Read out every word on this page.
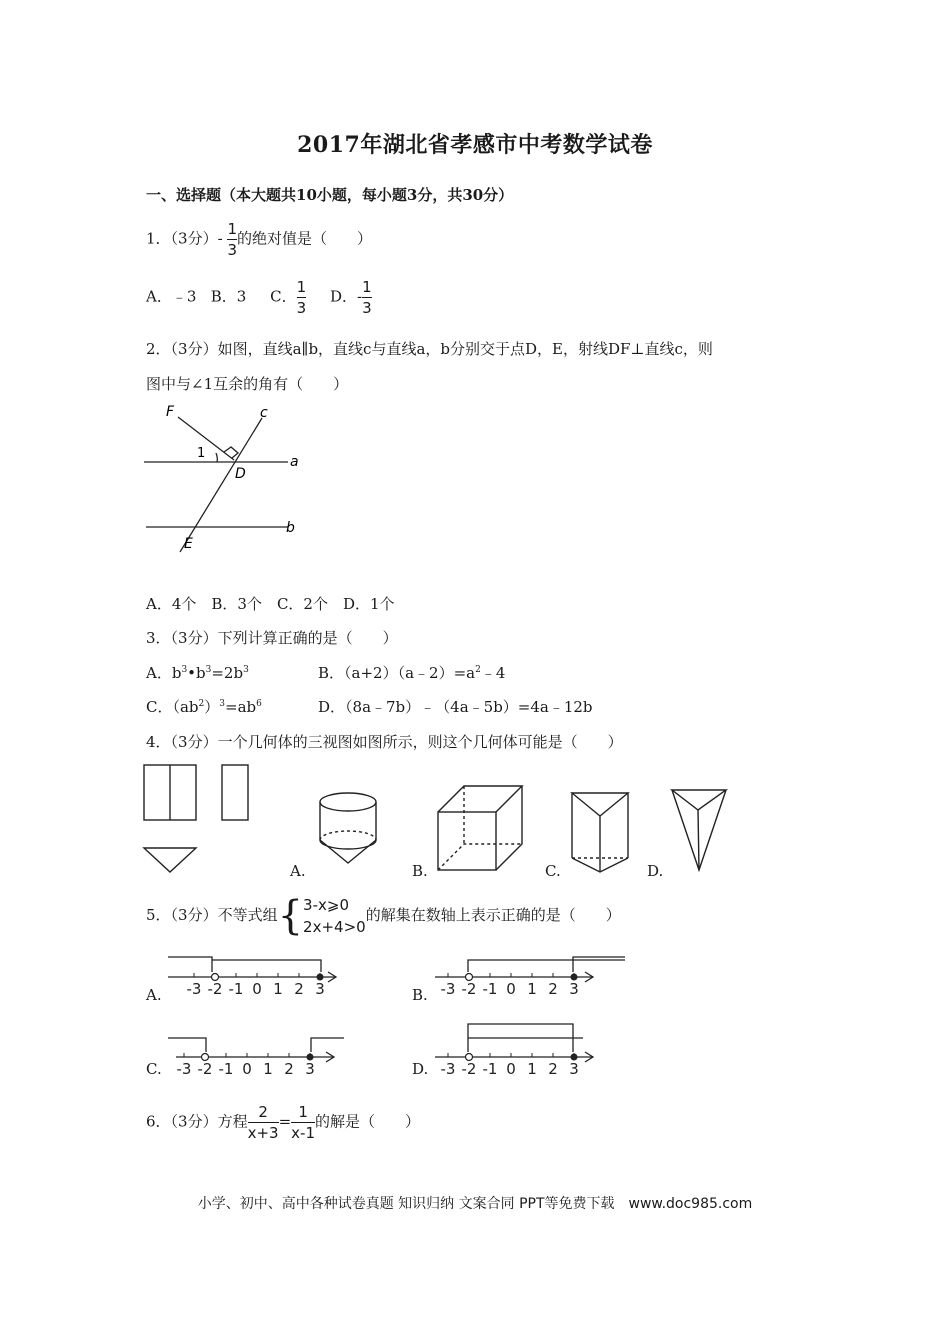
2017年湖北省孝感市中考数学试卷
一、选择题（本大题共10小题，每小题3分，共30分）
1．（3分）- $\frac{1}{3}$ 的绝对值是（　　）
A．﹣3 B．3 C． $\frac{1}{3}$ D．- $\frac{1}{3}$
2．（3分）如图，直线a∥b，直线c与直线a，b分别交于点D，E，射线DF⊥直线c，则
图中与∠1互余的角有（　　）
F	c
a
b
D
E
1
A．4个　B．3个　C．2个　D．1个
3．（3分）下列计算正确的是（　　）
A．$b^3•b^3=2b^3$	B．$(a+2)(a﹣2)=a^2﹣4$
C．$(ab^2)^3=ab^6$	D．（8a﹣7b）﹣（4a﹣5b）=4a﹣12b
4．（3分）一个几何体的三视图如图所示，则这个几何体可能是（　　）
A.	B.	C.	D.
5．（3分）不等式组{ 3-x⩾0
2x+4>0
的解集在数轴上表示正确的是（　　）
-3 -2 -1 0 1 2 3
A.	-3 -2 -1 0 1 2 3
B.
-3 -2 -1 0 1 2 3
C.	-3 -2 -1 0 1 2 3
D.
6．（3分）方程 $\frac{2}{x+3} = \frac{1}{x-1}$ 的解是（　　）
小学、初中、高中各种试卷真题 知识归纳 文案合同 PPT等免费下载　www.doc985.com
